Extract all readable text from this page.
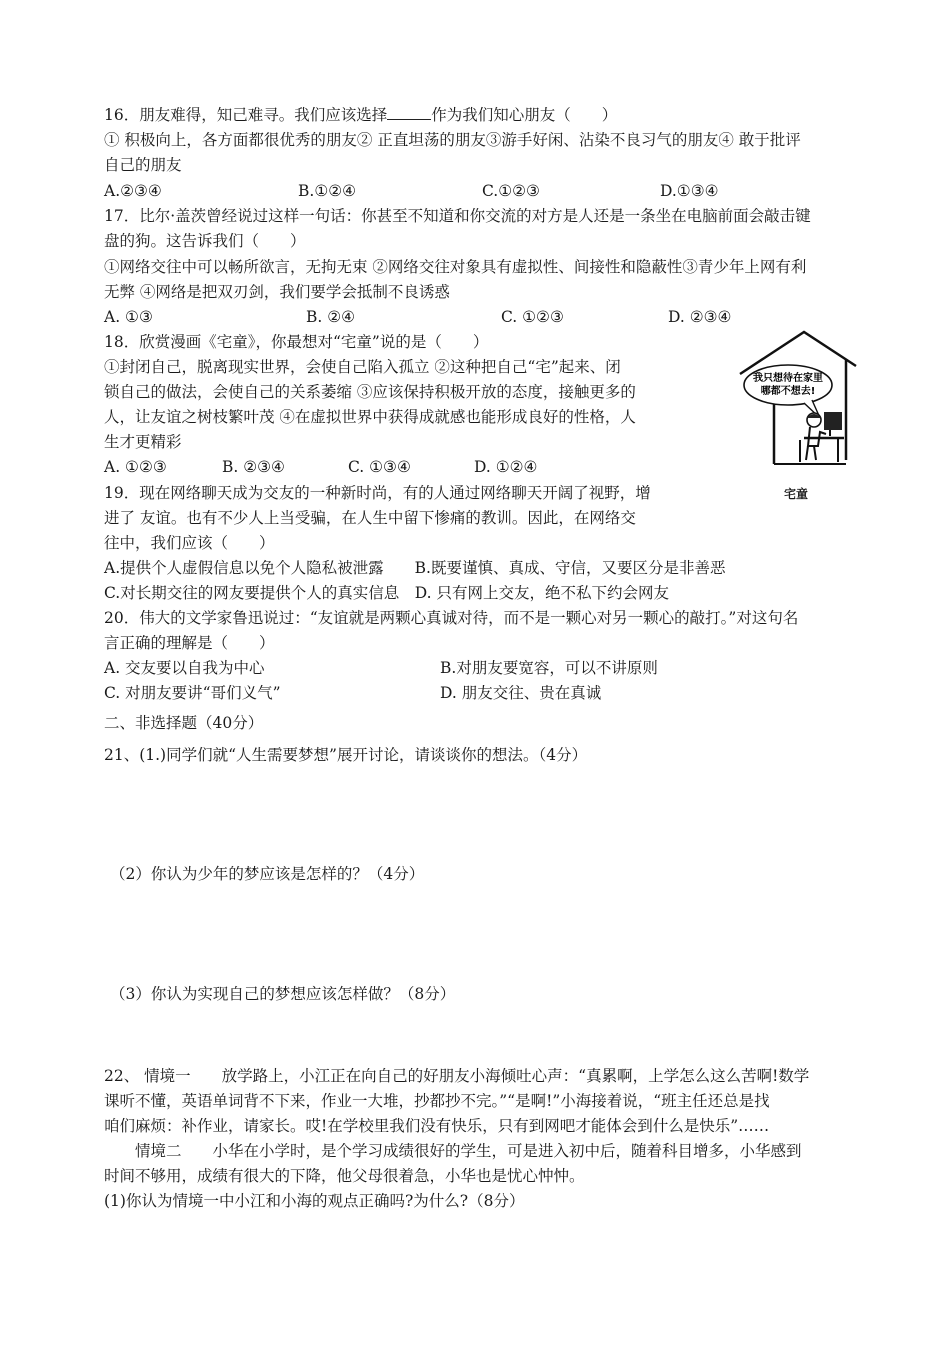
16．朋友难得，知己难寻。我们应该选择	作为我们知心朋友（　　）
① 积极向上，各方面都很优秀的朋友② 正直坦荡的朋友③游手好闲、沾染不良习气的朋友④ 敢于批评
自己的朋友
A.②③④	B.①②④	C.①②③	D.①③④
17．比尔·盖茨曾经说过这样一句话：你甚至不知道和你交流的对方是人还是一条坐在电脑前面会敲击键
盘的狗。这告诉我们（　　）
①网络交往中可以畅所欲言，无拘无束 ②网络交往对象具有虚拟性、间接性和隐蔽性③青少年上网有利
无弊 ④网络是把双刃剑，我们要学会抵制不良诱惑
A. ①③	B. ②④	C. ①②③	D. ②③④
18．欣赏漫画《宅童》，你最想对“宅童”说的是（　　）
①封闭自己，脱离现实世界，会使自己陷入孤立 ②这种把自己“宅”起来、闭
锁自己的做法，会使自己的关系萎缩 ③应该保持积极开放的态度，接触更多的
人，让友谊之树枝繁叶茂 ④在虚拟世界中获得成就感也能形成良好的性格，人
生才更精彩
A. ①②③	B. ②③④	C. ①③④	D. ①②④
我只想待在家里
哪都不想去!
宅童
19．现在网络聊天成为交友的一种新时尚，有的人通过网络聊天开阔了视野，增
进了 友谊。也有不少人上当受骗，在人生中留下惨痛的教训。因此，在网络交
往中，我们应该（　　）
A.提供个人虚假信息以免个人隐私被泄露　　B.既要谨慎、真成、守信，又要区分是非善恶
C.对长期交往的网友要提供个人的真实信息　D. 只有网上交友，绝不私下约会网友
20．伟大的文学家鲁迅说过：“友谊就是两颗心真诚对待，而不是一颗心对另一颗心的敲打。”对这句名
言正确的理解是（　　）
A. 交友要以自我为中心	B.对朋友要宽容，可以不讲原则
C. 对朋友要讲“哥们义气”	D. 朋友交往、贵在真诚
二、非选择题（40分）
21、(1.)同学们就“人生需要梦想”展开讨论，请谈谈你的想法。（4分）
（2）你认为少年的梦应该是怎样的？（4分）
（3）你认为实现自己的梦想应该怎样做？（8分）
22、 情境一　　放学路上，小江正在向自己的好朋友小海倾吐心声：“真累啊，上学怎么这么苦啊!数学
课听不懂，英语单词背不下来，作业一大堆，抄都抄不完。”“是啊!”小海接着说，“班主任还总是找
咱们麻烦：补作业，请家长。哎!在学校里我们没有快乐，只有到网吧才能体会到什么是快乐”……
　　情境二　　小华在小学时，是个学习成绩很好的学生，可是进入初中后，随着科目增多，小华感到
时间不够用，成绩有很大的下降，他父母很着急，小华也是忧心忡忡。
(1)你认为情境一中小江和小海的观点正确吗?为什么?（8分）
